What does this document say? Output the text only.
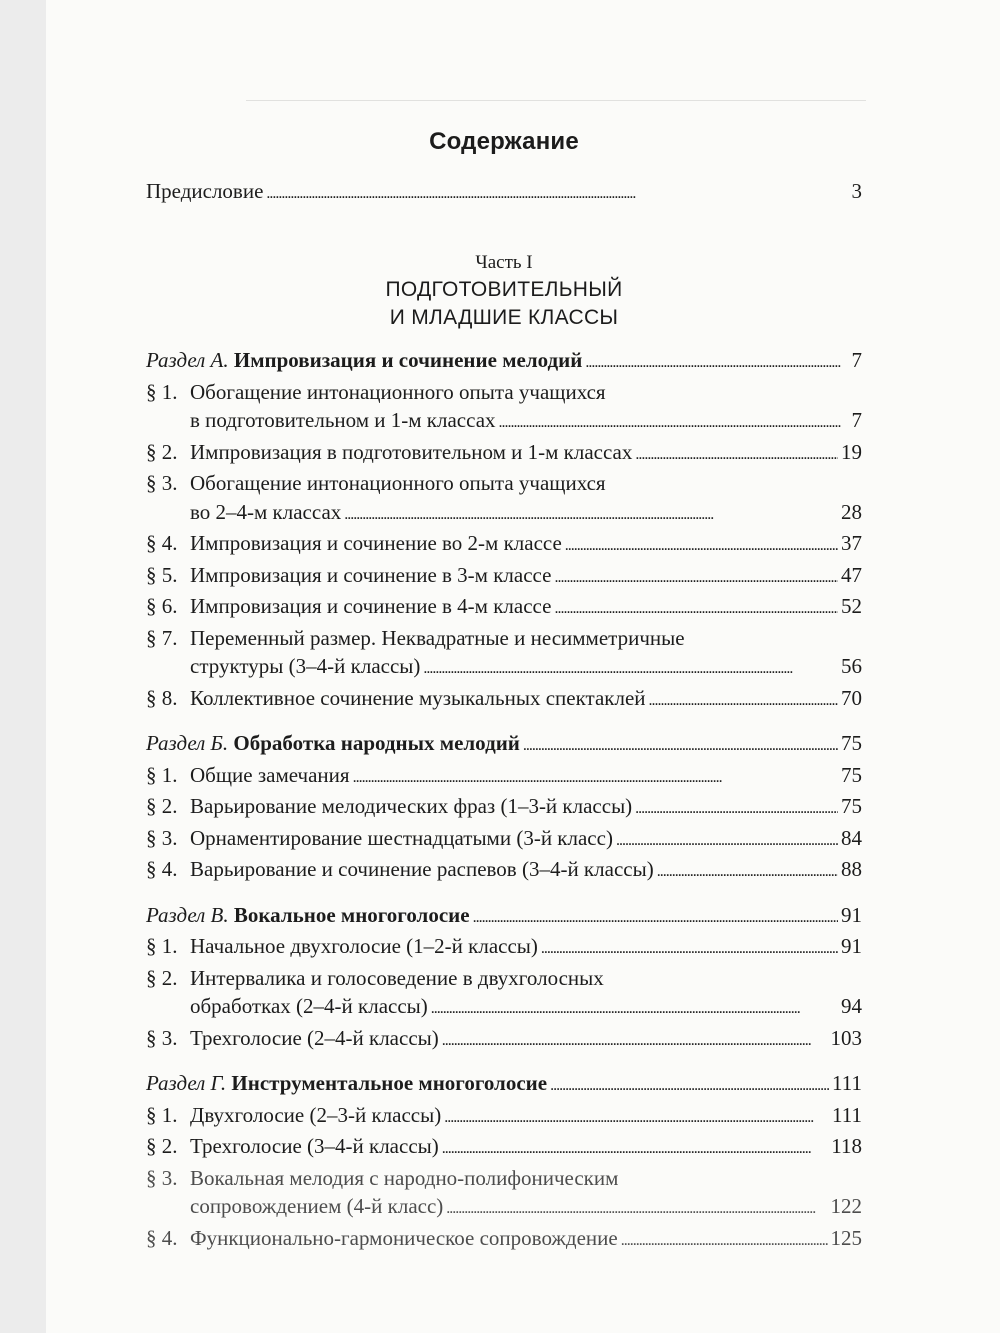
Содержание
Предисловие . . .	3
Часть I
ПОДГОТОВИТЕЛЬНЫЙ
И МЛАДШИЕ КЛАССЫ
Раздел А. Импровизация и сочинение мелодий . . .	7
§ 1. Обогащение интонационного опыта учащихся
в подготовительном и 1-м классах . . .	7
§ 2. Импровизация в подготовительном и 1-м классах . . .	19
§ 3. Обогащение интонационного опыта учащихся
во 2–4-м классах . . .	28
§ 4. Импровизация и сочинение во 2-м классе . . .	37
§ 5. Импровизация и сочинение в 3-м классе . . .	47
§ 6. Импровизация и сочинение в 4-м классе . . .	52
§ 7. Переменный размер. Неквадратные и несимметричные
структуры (3–4-й классы) . . .	56
§ 8. Коллективное сочинение музыкальных спектаклей . . .	70
Раздел Б. Обработка народных мелодий . . .	75
§ 1. Общие замечания . . .	75
§ 2. Варьирование мелодических фраз (1–3-й классы) . . .	75
§ 3. Орнаментирование шестнадцатыми (3-й класс) . . .	84
§ 4. Варьирование и сочинение распевов (3–4-й классы) . . .	88
Раздел В. Вокальное многоголосие . . .	91
§ 1. Начальное двухголосие (1–2-й классы) . . .	91
§ 2. Интервалика и голосоведение в двухголосных
обработках (2–4-й классы) . . .	94
§ 3. Трехголосие (2–4-й классы) . . .	103
Раздел Г. Инструментальное многоголосие . . .	111
§ 1. Двухголосие (2–3-й классы) . . .	111
§ 2. Трехголосие (3–4-й классы) . . .	118
§ 3. Вокальная мелодия с народно-полифоническим
сопровождением (4-й класс) . . .	122
§ 4. Функционально-гармоническое сопровождение . . .	125
